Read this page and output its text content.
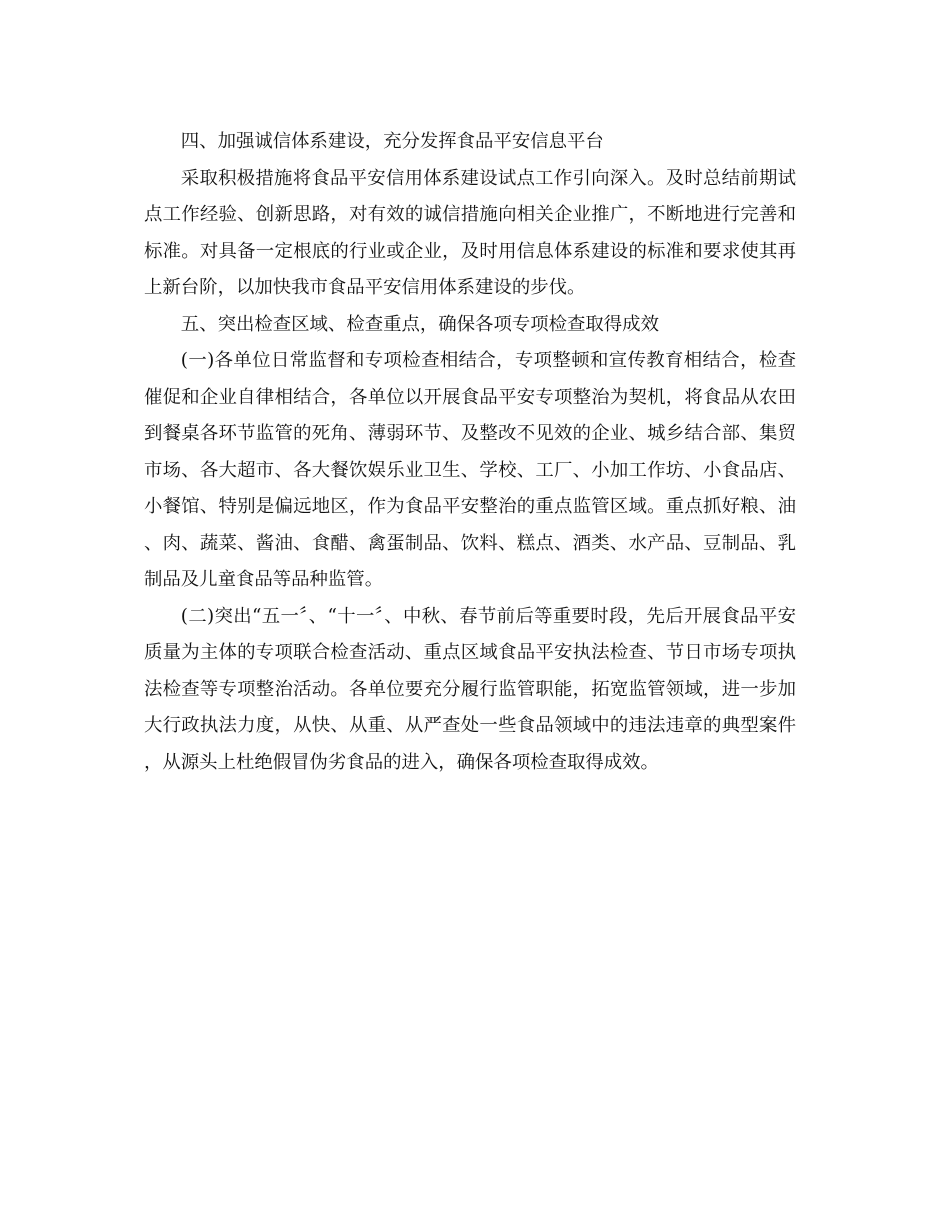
四、加强诚信体系建设，充分发挥食品平安信息平台

采取积极措施将食品平安信用体系建设试点工作引向深入。及时总结前期试点工作经验、创新思路，对有效的诚信措施向相关企业推广，不断地进行完善和标准。对具备一定根底的行业或企业，及时用信息体系建设的标准和要求使其再上新台阶，以加快我市食品平安信用体系建设的步伐。

五、突出检查区域、检查重点，确保各项专项检查取得成效

(一)各单位日常监督和专项检查相结合，专项整顿和宣传教育相结合，检查催促和企业自律相结合，各单位以开展食品平安专项整治为契机，将食品从农田到餐桌各环节监管的死角、薄弱环节、及整改不见效的企业、城乡结合部、集贸市场、各大超市、各大餐饮娱乐业卫生、学校、工厂、小加工作坊、小食品店、小餐馆、特别是偏远地区，作为食品平安整治的重点监管区域。重点抓好粮、油、肉、蔬菜、酱油、食醋、禽蛋制品、饮料、糕点、酒类、水产品、豆制品、乳制品及儿童食品等品种监管。

(二)突出“五一〞、“十一〞、中秋、春节前后等重要时段，先后开展食品平安质量为主体的专项联合检查活动、重点区域食品平安执法检查、节日市场专项执法检查等专项整治活动。各单位要充分履行监管职能，拓宽监管领域，进一步加大行政执法力度，从快、从重、从严查处一些食品领域中的违法违章的典型案件，从源头上杜绝假冒伪劣食品的进入，确保各项检查取得成效。
